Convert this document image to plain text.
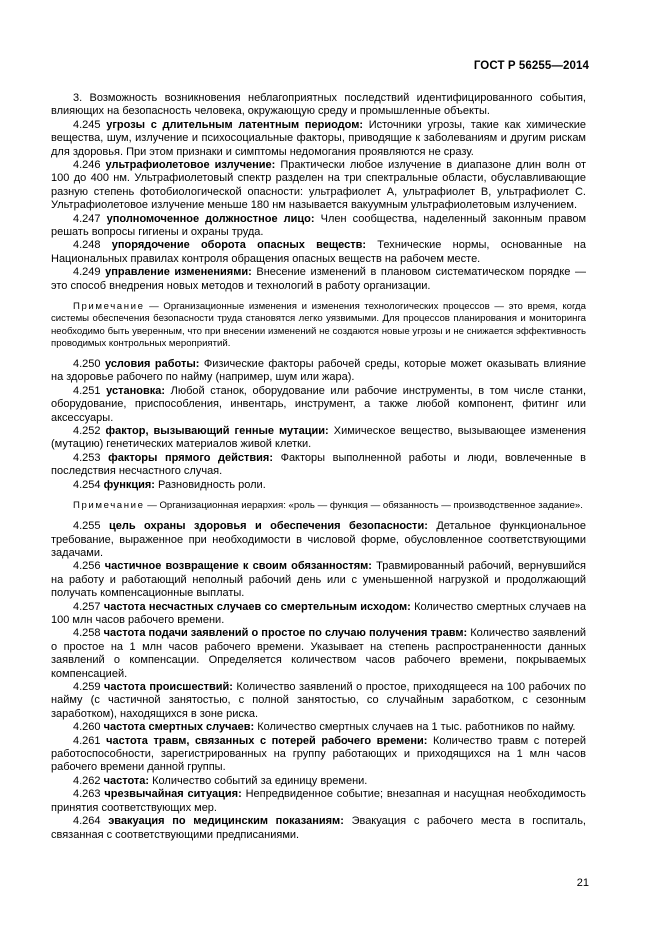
ГОСТ Р 56255—2014

3. Возможность возникновения неблагоприятных последствий идентифицированного события, влияющих на безопасность человека, окружающую среду и промышленные объекты.

4.245 угрозы с длительным латентным периодом: Источники угрозы, такие как химические вещества, шум, излучение и психосоциальные факторы, приводящие к заболеваниям и другим рискам для здоровья. При этом признаки и симптомы недомогания проявляются не сразу.

4.246 ультрафиолетовое излучение: Практически любое излучение в диапазоне длин волн от 100 до 400 нм. Ультрафиолетовый спектр разделен на три спектральные области, обуславливающие разную степень фотобиологической опасности: ультрафиолет А, ультрафиолет В, ультрафиолет С. Ультрафиолетовое излучение меньше 180 нм называется вакуумным ультрафиолетовым излучением.

4.247 уполномоченное должностное лицо: Член сообщества, наделенный законным правом решать вопросы гигиены и охраны труда.

4.248 упорядочение оборота опасных веществ: Технические нормы, основанные на Национальных правилах контроля обращения опасных веществ на рабочем месте.

4.249 управление изменениями: Внесение изменений в плановом систематическом порядке — это способ внедрения новых методов и технологий в работу организации.

Примечание — Организационные изменения и изменения технологических процессов — это время, когда системы обеспечения безопасности труда становятся легко уязвимыми. Для процессов планирования и мониторинга необходимо быть уверенным, что при внесении изменений не создаются новые угрозы и не снижается эффективность проводимых контрольных мероприятий.

4.250 условия работы: Физические факторы рабочей среды, которые может оказывать влияние на здоровье рабочего по найму (например, шум или жара).

4.251 установка: Любой станок, оборудование или рабочие инструменты, в том числе станки, оборудование, приспособления, инвентарь, инструмент, а также любой компонент, фитинг или аксессуары.

4.252 фактор, вызывающий генные мутации: Химическое вещество, вызывающее изменения (мутацию) генетических материалов живой клетки.

4.253 факторы прямого действия: Факторы выполненной работы и люди, вовлеченные в последствия несчастного случая.

4.254 функция: Разновидность роли.

Примечание — Организационная иерархия: «роль — функция — обязанность — производственное задание».

4.255 цель охраны здоровья и обеспечения безопасности: Детальное функциональное требование, выраженное при необходимости в числовой форме, обусловленное соответствующими задачами.

4.256 частичное возвращение к своим обязанностям: Травмированный рабочий, вернувшийся на работу и работающий неполный рабочий день или с уменьшенной нагрузкой и продолжающий получать компенсационные выплаты.

4.257 частота несчастных случаев со смертельным исходом: Количество смертных случаев на 100 млн часов рабочего времени.

4.258 частота подачи заявлений о простое по случаю получения травм: Количество заявлений о простое на 1 млн часов рабочего времени. Указывает на степень распространенности данных заявлений о компенсации. Определяется количеством часов рабочего времени, покрываемых компенсацией.

4.259 частота происшествий: Количество заявлений о простое, приходящееся на 100 рабочих по найму (с частичной занятостью, с полной занятостью, со случайным заработком, с сезонным заработком), находящихся в зоне риска.

4.260 частота смертных случаев: Количество смертных случаев на 1 тыс. работников по найму.

4.261 частота травм, связанных с потерей рабочего времени: Количество травм с потерей работоспособности, зарегистрированных на группу работающих и приходящихся на 1 млн часов рабочего времени данной группы.

4.262 частота: Количество событий за единицу времени.

4.263 чрезвычайная ситуация: Непредвиденное событие; внезапная и насущная необходимость принятия соответствующих мер.

4.264 эвакуация по медицинским показаниям: Эвакуация с рабочего места в госпиталь, связанная с соответствующими предписаниями.

21
